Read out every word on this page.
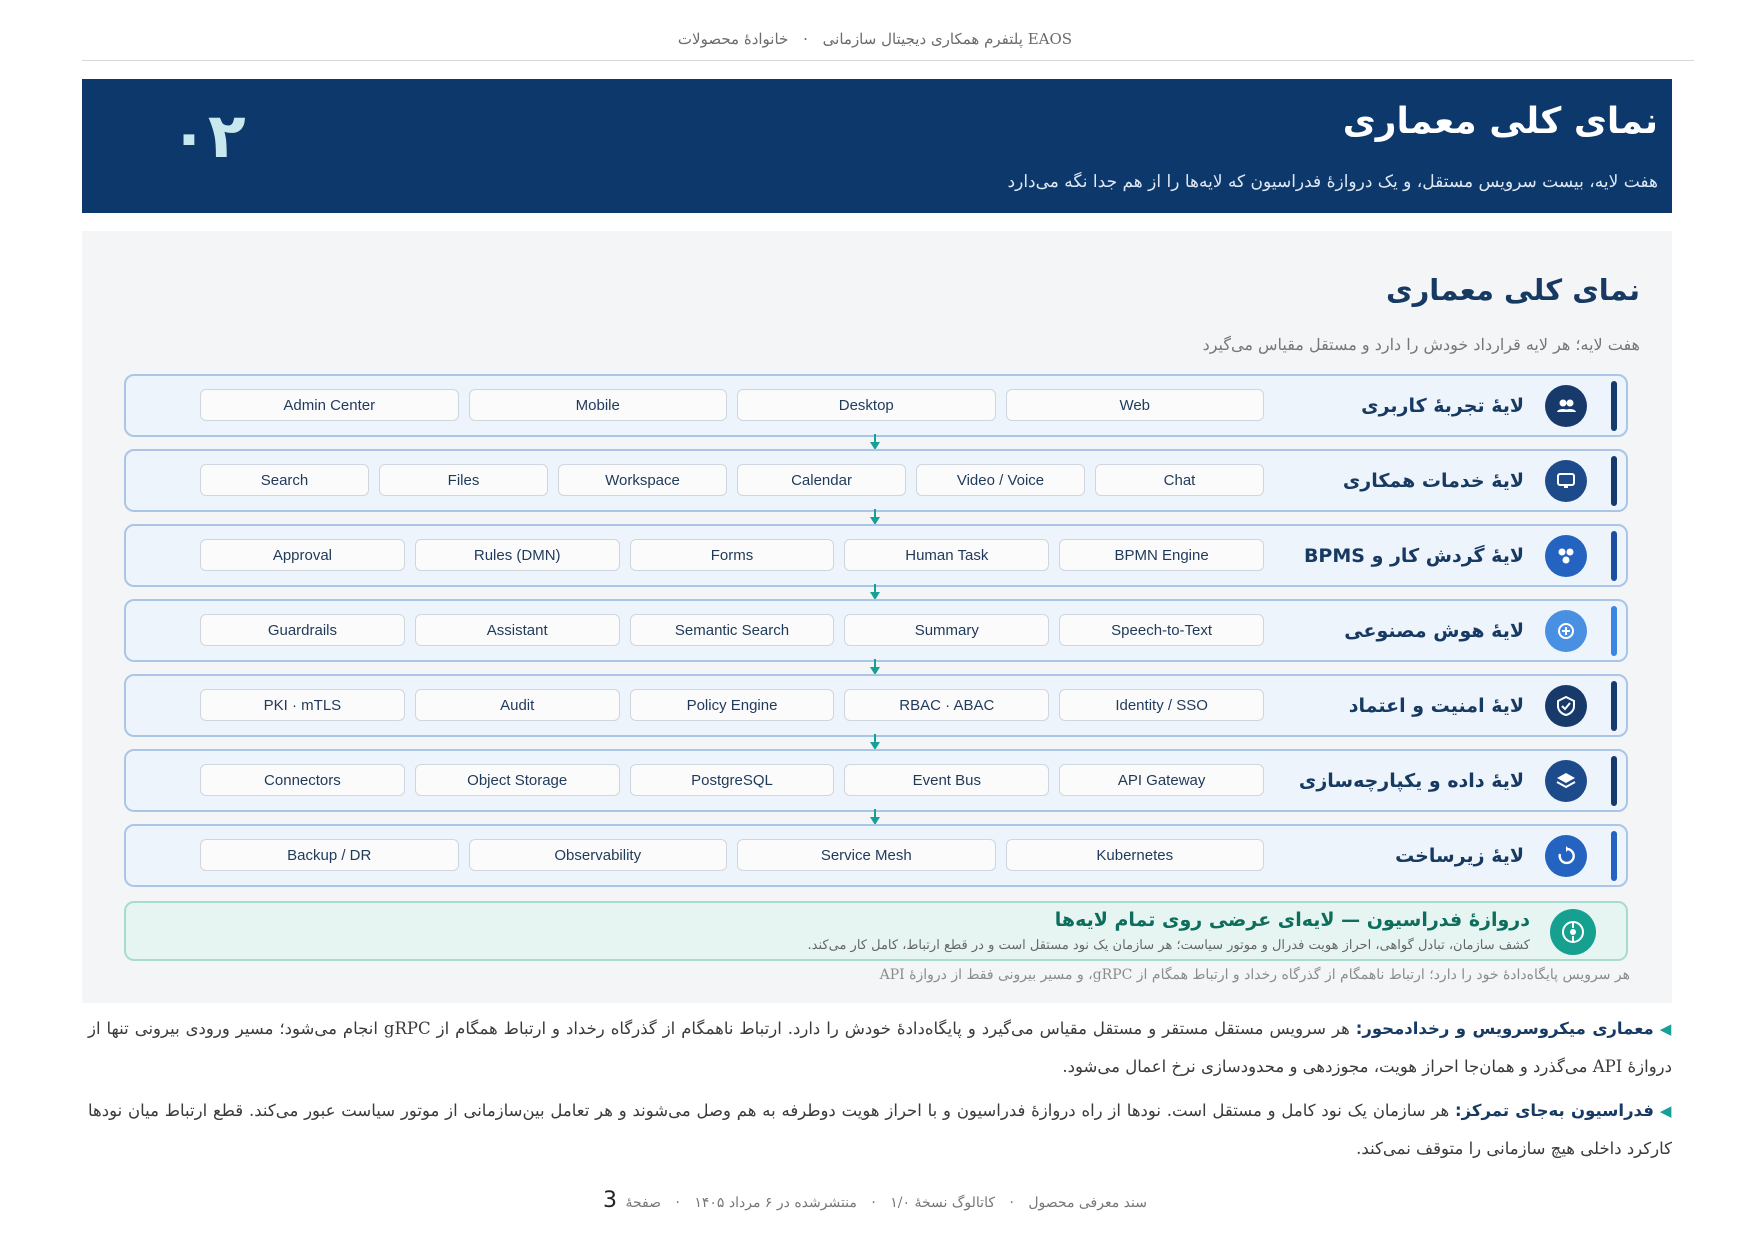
پلتفرم همکاری دیجیتال سازمانی · خانوادهٔ محصولات EAOS
نمای کلی معماری
هفت لایه، بیست سرویس مستقل، و یک دروازهٔ فدراسیون که لایه‌ها را از هم جدا نگه می‌دارد
۰۲
نمای کلی معماری
هفت لایه؛ هر لایه قرارداد خودش را دارد و مستقل مقیاس می‌گیرد
لایهٔ تجربهٔ کاربری
Web
Desktop
Mobile
Admin Center
لایهٔ خدمات همکاری
Chat
Video / Voice
Calendar
Workspace
Files
Search
لایهٔ گردش کار و BPMS
BPMN Engine
Human Task
Forms
Rules (DMN)
Approval
لایهٔ هوش مصنوعی
Speech-to-Text
Summary
Semantic Search
Assistant
Guardrails
لایهٔ امنیت و اعتماد
Identity / SSO
RBAC · ABAC
Policy Engine
Audit
PKI · mTLS
لایهٔ داده و یکپارچه‌سازی
API Gateway
Event Bus
PostgreSQL
Object Storage
Connectors
لایهٔ زیرساخت
Kubernetes
Service Mesh
Observability
Backup / DR
دروازهٔ فدراسیون — لایه‌ای عرضی روی تمام لایه‌ها
کشف سازمان، تبادل گواهی، احراز هویت فدرال و موتور سیاست؛ هر سازمان یک نود مستقل است و در قطع ارتباط، کامل کار می‌کند.
هر سرویس پایگاه‌دادهٔ خود را دارد؛ ارتباط ناهمگام از گذرگاه رخداد و ارتباط همگام از gRPC، و مسیر بیرونی فقط از دروازهٔ API
◀معماری میکروسرویس و رخدادمحور: هر سرویس مستقل مستقر و مستقل مقیاس می‌گیرد و پایگاه‌دادهٔ خودش را دارد. ارتباط ناهمگام از گذرگاه رخداد و ارتباط همگام از gRPC انجام می‌شود؛ مسیر ورودی بیرونی تنها از دروازهٔ API می‌گذرد و همان‌جا احراز هویت، مجوزدهی و محدودسازی نرخ اعمال می‌شود.
◀فدراسیون به‌جای تمرکز: هر سازمان یک نود کامل و مستقل است. نودها از راه دروازهٔ فدراسیون و با احراز هویت دوطرفه به هم وصل می‌شوند و هر تعامل بین‌سازمانی از موتور سیاست عبور می‌کند. قطع ارتباط میان نودها کارکرد داخلی هیچ سازمانی را متوقف نمی‌کند.
سند معرفی محصول · کاتالوگ نسخهٔ ۱/۰ · منتشرشده در ۶ مرداد ۱۴۰۵ · صفحهٔ 3
